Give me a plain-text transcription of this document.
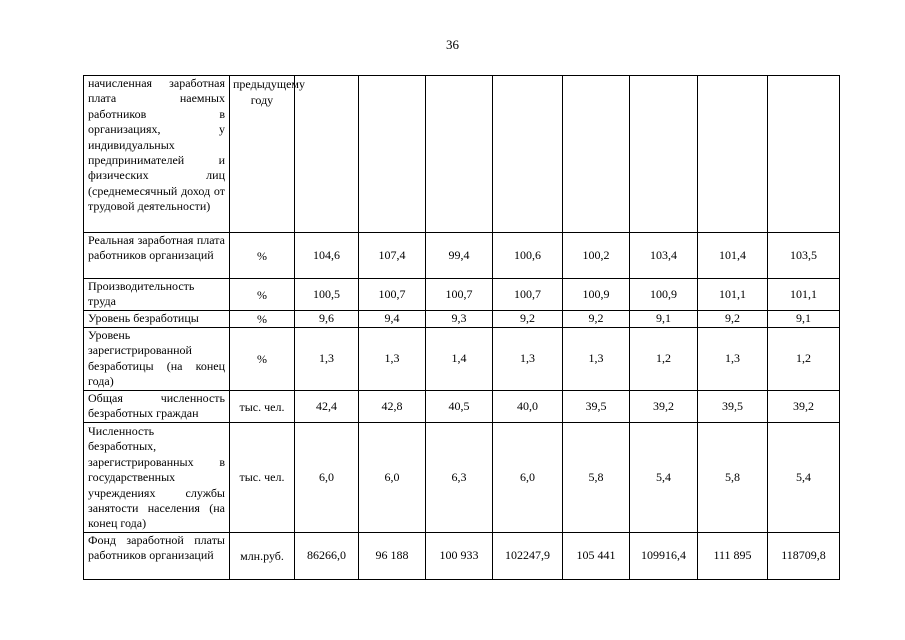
36
начисленная заработная плата наемных работников в организациях, у индивидуальных предпринимателей и физических лиц (среднемесячный доход от трудовой деятельности)	предыдущему году								
Реальная заработная плата работников организаций	%	104,6	107,4	99,4	100,6	100,2	103,4	101,4	103,5
Производительность труда	%	100,5	100,7	100,7	100,7	100,9	100,9	101,1	101,1
Уровень безработицы	%	9,6	9,4	9,3	9,2	9,2	9,1	9,2	9,1
Уровень зарегистрированной безработицы (на конец года)	%	1,3	1,3	1,4	1,3	1,3	1,2	1,3	1,2
Общая численность безработных граждан	тыс. чел.	42,4	42,8	40,5	40,0	39,5	39,2	39,5	39,2
Численность безработных, зарегистрированных в государственных учреждениях службы занятости населения (на конец года)	тыс. чел.	6,0	6,0	6,3	6,0	5,8	5,4	5,8	5,4
Фонд заработной платы работников организаций	млн.руб.	86266,0	96 188	100 933	102247,9	105 441	109916,4	111 895	118709,8
